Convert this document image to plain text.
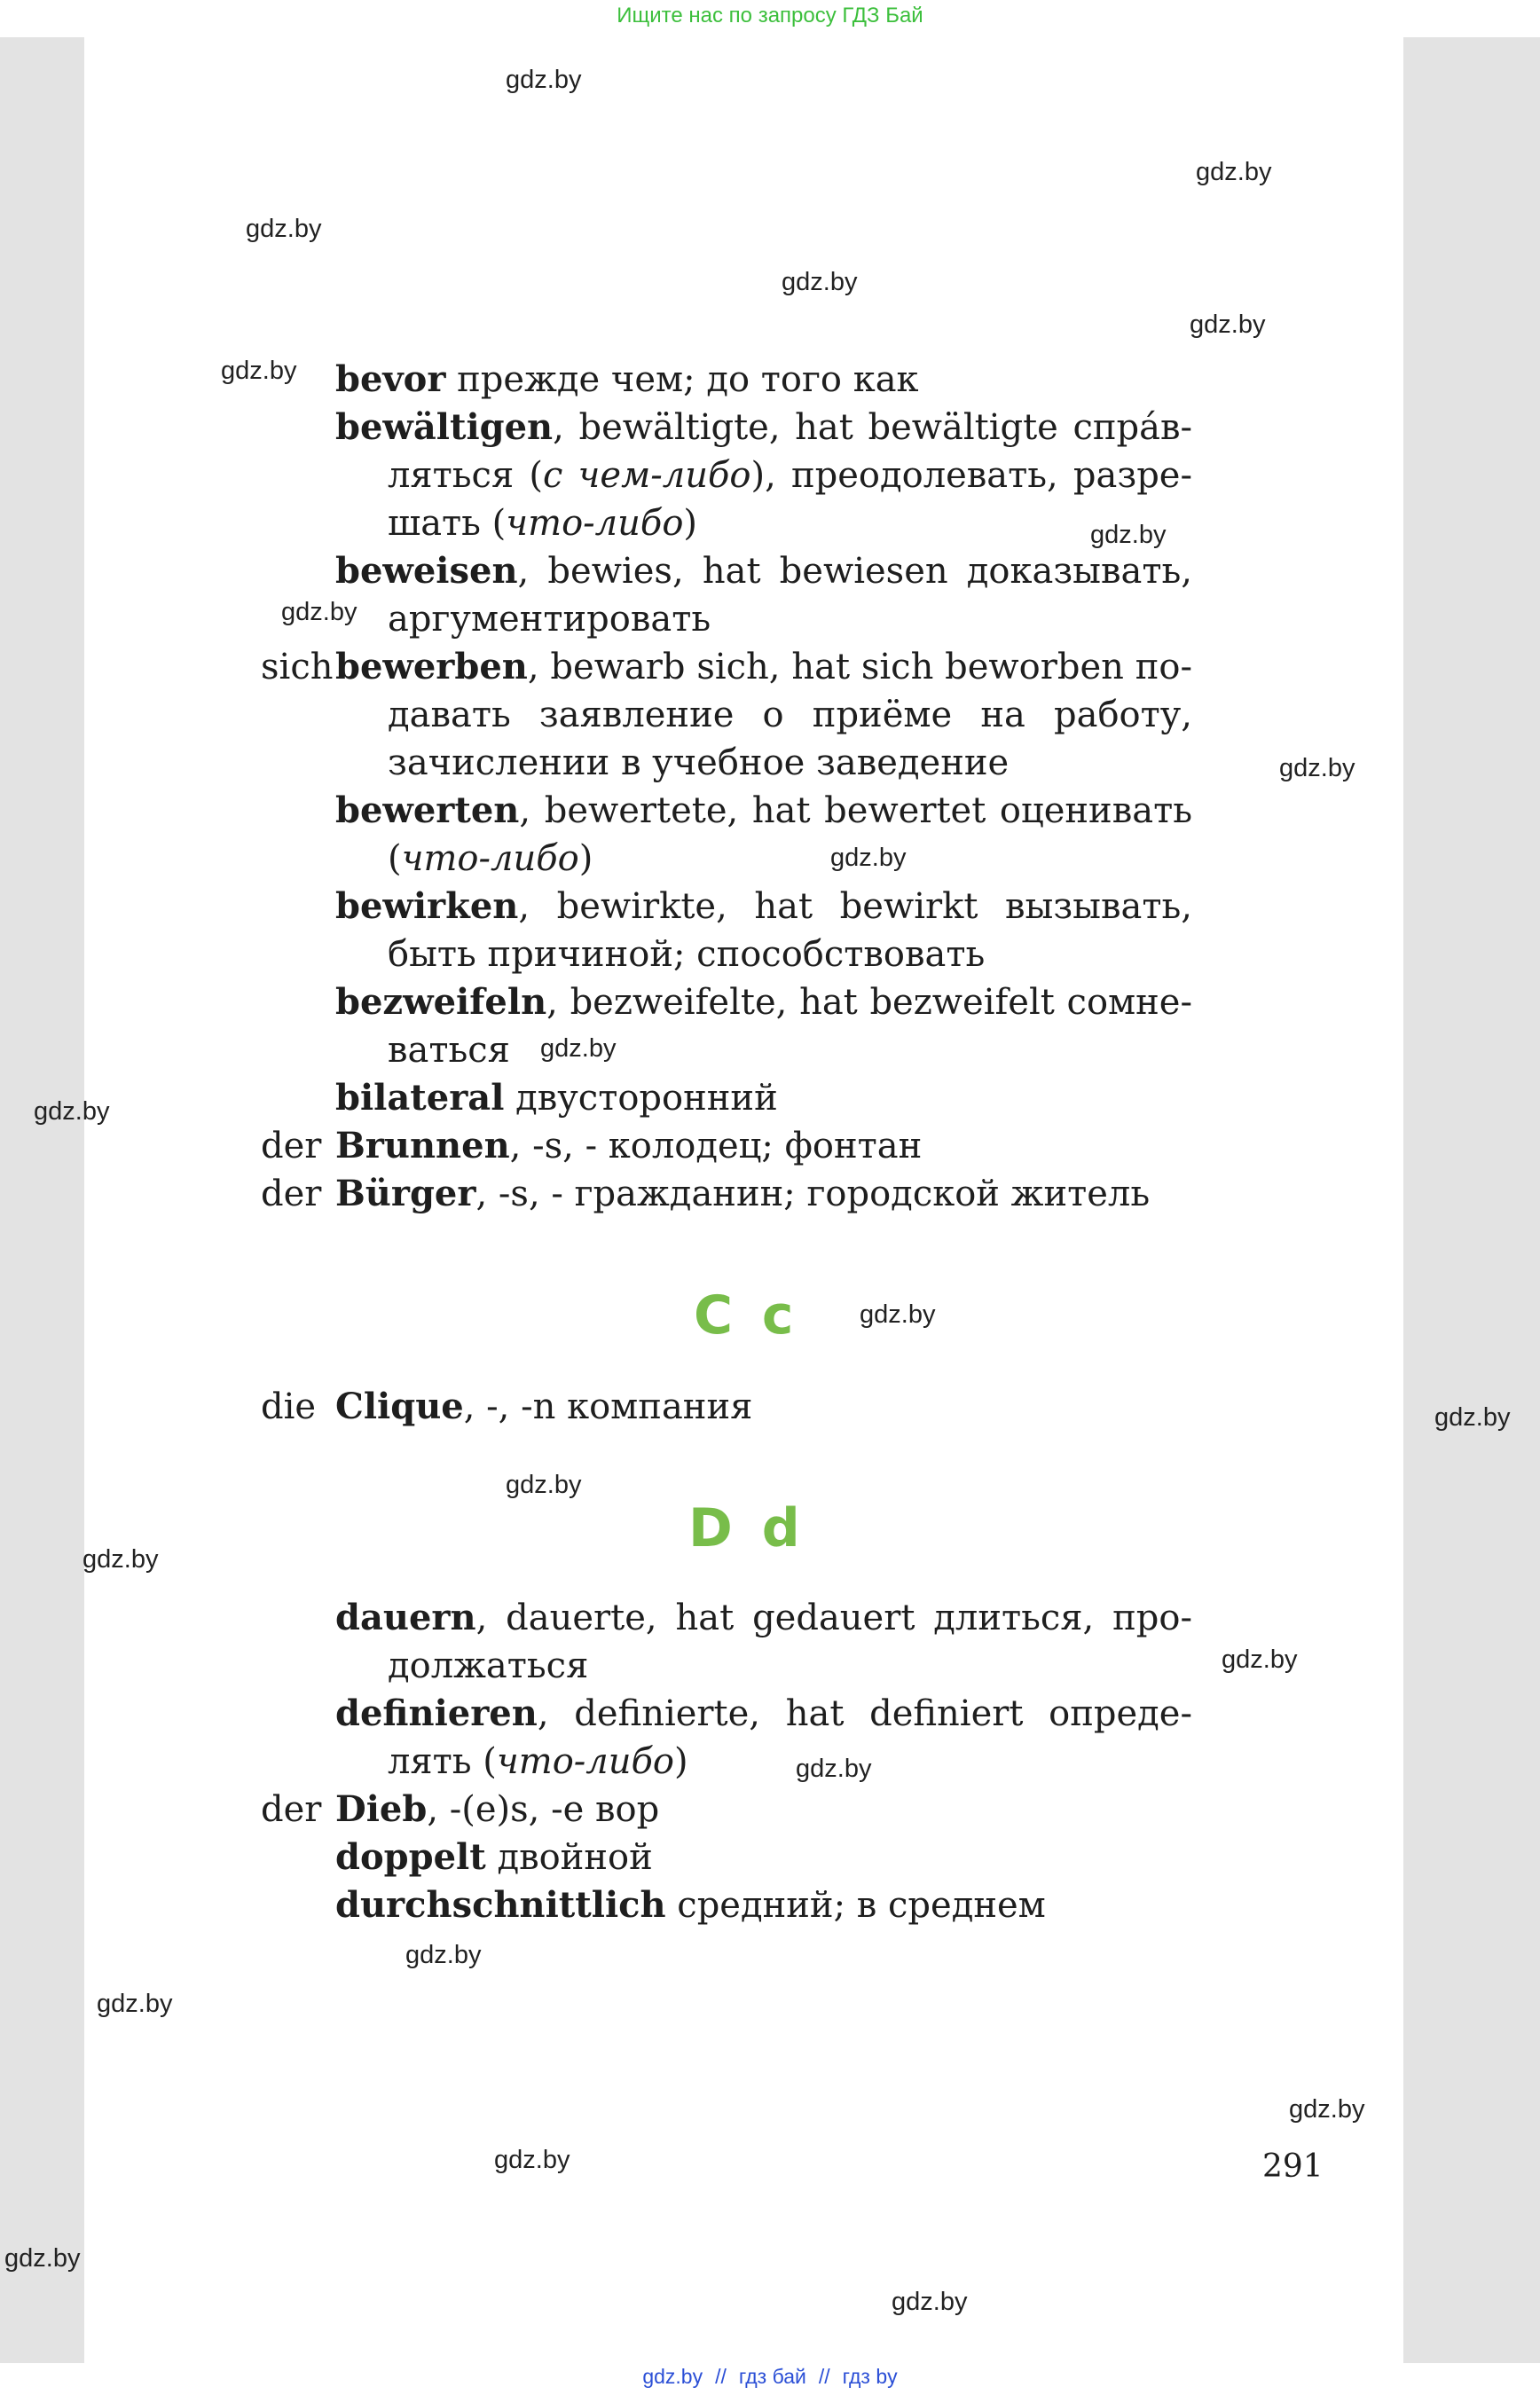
Ищите нас по запросу ГДЗ Бай
gdz.by
gdz.by
gdz.by
gdz.by
gdz.by
gdz.by
gdz.by
gdz.by
gdz.by
gdz.by
gdz.by
gdz.by
gdz.by
gdz.by
gdz.by
gdz.by
gdz.by
gdz.by
gdz.by
gdz.by
gdz.by
gdz.by
gdz.by
gdz.by
bevor прежде чем; до того как
bewältigen, bewältigte, hat bewältigte спрáв-
ляться (с чем-либо), преодолевать, разре-
шать (что-либо)
beweisen, bewies, hat bewiesen доказывать,
аргументировать
sich bewerben, bewarb sich, hat sich beworben по-
давать заявление о приёме на работу,
зачислении в учебное заведение
bewerten, bewertete, hat bewertet оценивать
(что-либо)
bewirken, bewirkte, hat bewirkt вызывать,
быть причиной; способствовать
bezweifeln, bezweifelte, hat bezweifelt сомне-
ваться
bilateral двусторонний
der Brunnen, -s, - колодец; фонтан
der Bürger, -s, - гражданин; городской житель
C c
die Clique, -, -n компания
D d
dauern, dauerte, hat gedauert длиться, про-
должаться
definieren, definierte, hat definiert опреде-
лять (что-либо)
der Dieb, -(e)s, -e вор
doppelt двойной
durchschnittlich средний; в среднем
291
gdz.by // гдз бай // гдз by
